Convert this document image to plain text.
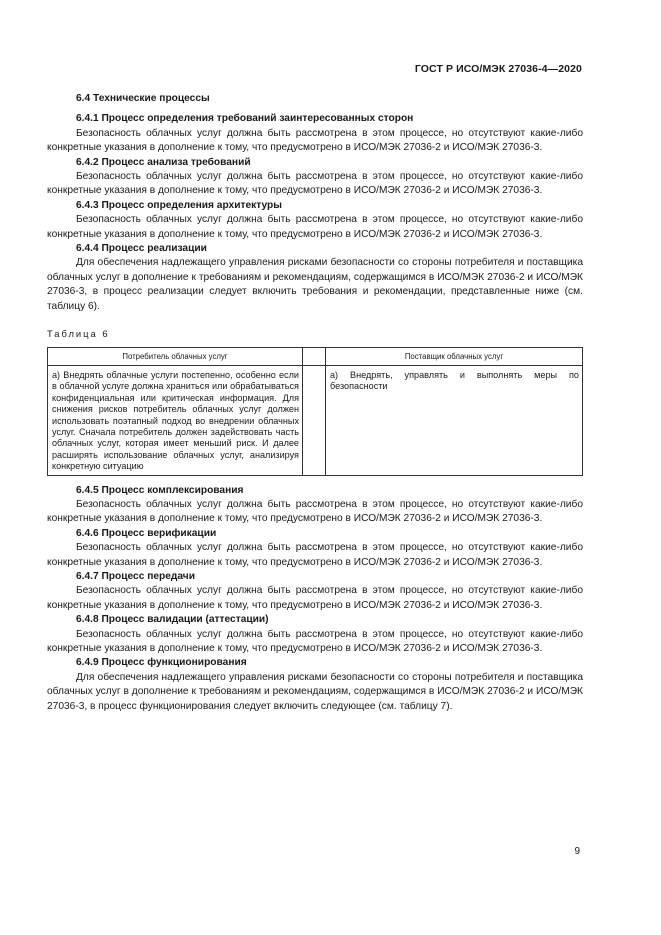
ГОСТ Р ИСО/МЭК 27036-4—2020
6.4 Технические процессы
6.4.1 Процесс определения требований заинтересованных сторон
Безопасность облачных услуг должна быть рассмотрена в этом процессе, но отсутствуют какие-либо конкретные указания в дополнение к тому, что предусмотрено в ИСО/МЭК 27036-2 и ИСО/МЭК 27036-3.
6.4.2 Процесс анализа требований
Безопасность облачных услуг должна быть рассмотрена в этом процессе, но отсутствуют какие-либо конкретные указания в дополнение к тому, что предусмотрено в ИСО/МЭК 27036-2 и ИСО/МЭК 27036-3.
6.4.3 Процесс определения архитектуры
Безопасность облачных услуг должна быть рассмотрена в этом процессе, но отсутствуют какие-либо конкретные указания в дополнение к тому, что предусмотрено в ИСО/МЭК 27036-2 и ИСО/МЭК 27036-3.
6.4.4 Процесс реализации
Для обеспечения надлежащего управления рисками безопасности со стороны потребителя и поставщика облачных услуг в дополнение к требованиям и рекомендациям, содержащимся в ИСО/МЭК 27036-2 и ИСО/МЭК 27036-3, в процесс реализации следует включить требования и рекомендации, представленные ниже (см. таблицу 6).
Таблица 6
Потребитель облачных услуг		Поставщик облачных услуг
а) Внедрять облачные услуги постепенно, особенно если в облачной услуге должна храниться или обрабатываться конфиденциальная или критическая информация. Для снижения рисков потребитель облачных услуг должен использовать поэтапный подход во внедрении облачных услуг. Сначала потребитель должен задействовать часть облачных услуг, которая имеет меньший риск. И далее расширять использование облачных услуг, анализируя конкретную ситуацию		а) Внедрять, управлять и выполнять меры по безопасности
6.4.5 Процесс комплексирования
Безопасность облачных услуг должна быть рассмотрена в этом процессе, но отсутствуют какие-либо конкретные указания в дополнение к тому, что предусмотрено в ИСО/МЭК 27036-2 и ИСО/МЭК 27036-3.
6.4.6 Процесс верификации
Безопасность облачных услуг должна быть рассмотрена в этом процессе, но отсутствуют какие-либо конкретные указания в дополнение к тому, что предусмотрено в ИСО/МЭК 27036-2 и ИСО/МЭК 27036-3.
6.4.7 Процесс передачи
Безопасность облачных услуг должна быть рассмотрена в этом процессе, но отсутствуют какие-либо конкретные указания в дополнение к тому, что предусмотрено в ИСО/МЭК 27036-2 и ИСО/МЭК 27036-3.
6.4.8 Процесс валидации (аттестации)
Безопасность облачных услуг должна быть рассмотрена в этом процессе, но отсутствуют какие-либо конкретные указания в дополнение к тому, что предусмотрено в ИСО/МЭК 27036-2 и ИСО/МЭК 27036-3.
6.4.9 Процесс функционирования
Для обеспечения надлежащего управления рисками безопасности со стороны потребителя и поставщика облачных услуг в дополнение к требованиям и рекомендациям, содержащимся в ИСО/МЭК 27036-2 и ИСО/МЭК 27036-3, в процесс функционирования следует включить следующее (см. таблицу 7).
9
